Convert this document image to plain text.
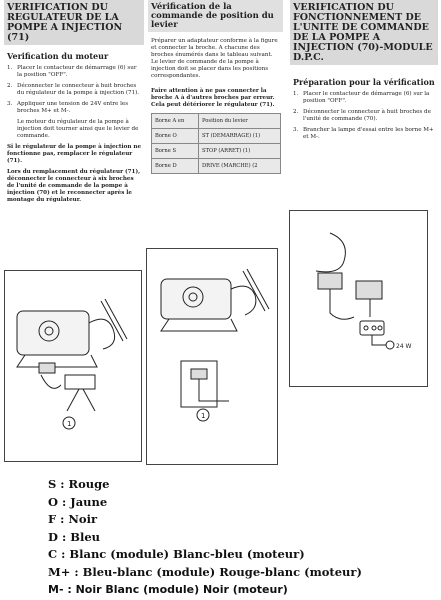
VERIFICATION DU REGULATEUR DE LA POMPE A INJECTION (71)
Verification du moteur
1. Placer le contacteur de démarrage (6) sur la position "OFF".
2. Déconnecter le connecteur à huit broches du régulateur de la pompe à injection (71).
3. Appliquer une tension de 24V entre les broches M+ et M-.
Le moteur du régulateur de la pompe à injection doit tourner ainsi que le levier de commande.
Si le régulateur de la pompe à injection ne fonctionne pas, remplacer le régulateur (71).
Lors du remplacement du régulateur (71), déconnecter le connecteur à six broches de l'unité de commande de la pompe à injection (70) et le reconnecter après le montage du régulateur.
Vérification de la commande de position du levier
Préparer un adaptateur conforme à la figure et connecter la broche. A chacune des broches énumérés dans le tableau suivant. Le levier de commande de la pompe à injection doit se placer dans les positions correspondantes.
Faire attention à ne pas connecter la broche A à d'autres broches par erreur. Cela peut détériorer le régulateur (71).
Borne A en	Position du levier
Borne O	ST (DEMARRAGE) (1)
Borne S	STOP (ARRET) (1)
Borne D	DRIVE (MARCHE) (2
VERIFICATION DU FONCTIONNEMENT DE L'UNITE DE COMMANDE DE LA POMPE A INJECTION (70)-MODULE D.P.C.
Préparation pour la vérification
1. Placer le contacteur de démarrage (6) sur la position "OFF".
2. Déconnecter le connecteur à huit broches de l'unité de commande (70).
3. Brancher la lampe d'essai entre les borne M+ et M-.
1
1
24 W
S : Rouge
O : Jaune
F : Noir
D : Bleu
C : Blanc (module) Blanc-bleu (moteur)
M+ : Bleu-blanc (module) Rouge-blanc (moteur)
M- : Noir Blanc (module) Noir (moteur)
